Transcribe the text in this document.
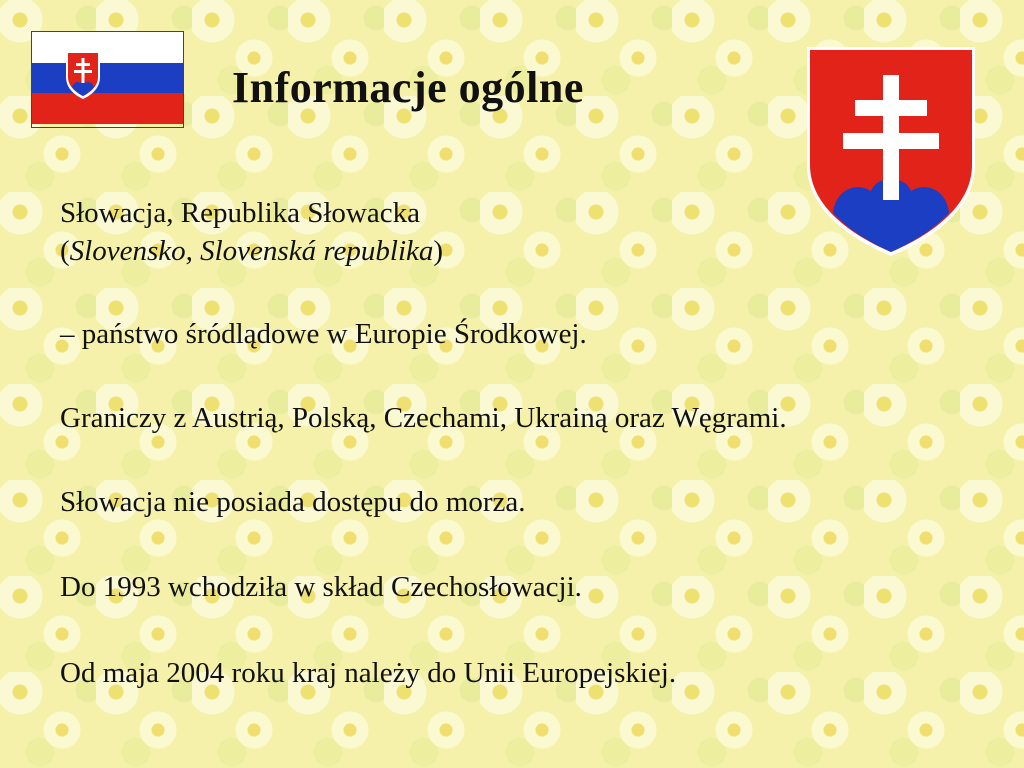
Informacje ogólne

Słowacja, Republika Słowacka

(Slovensko, Slovenská republika)

– państwo śródlądowe w Europie Środkowej.

Graniczy z Austrią, Polską, Czechami, Ukrainą oraz Węgrami.

Słowacja nie posiada dostępu do morza.

Do 1993 wchodziła w skład Czechosłowacji.

Od maja 2004 roku kraj należy do Unii Europejskiej.
